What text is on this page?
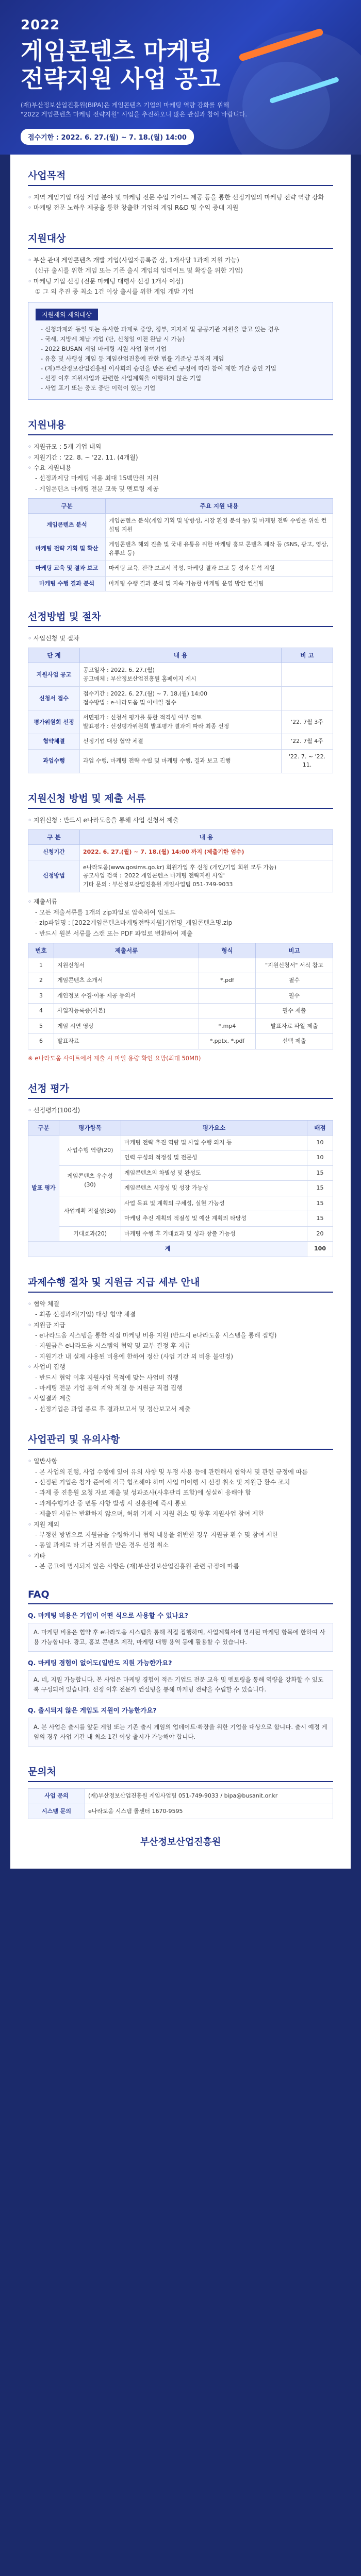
2022
게임콘텐츠 마케팅
전략지원 사업 공고
(재)부산정보산업진흥원(BIPA)은 게임콘텐츠 기업의 마케팅 역량 강화를 위해 "2022 게임콘텐츠 마케팅 전략지원" 사업을 추진하오니 많은 관심과 참여 바랍니다.
접수기한 : 2022. 6. 27.(월) ~ 7. 18.(월) 14:00
사업목적
◦ 지역 게임기업 대상 게임 분야 및 마케팅 전문 수입 가이드 제공 등을 통한 선정기업의 마케팅 전략 역량 강화
◦ 마케팅 전문 노하우 제공을 통한 창출한 기업의 게임 R&D 및 수익 증대 지원
지원대상
◦ 부산 관내 게임콘텐츠 개발 기업(사업자등록증 상, 1개사당 1과제 지원 가능)
(신규 출시를 위한 게임 또는 기존 출시 게임의 업데이트 및 확장을 위한 기업)
◦ 마케팅 기업 선정 (전문 마케팅 대행사 선정 1개사 이상)
① 그 외 추진 중 최소 1건 이상 출시를 위한 게임 개발 기업
지원제외 제외대상
- 신청과제와 동일 또는 유사한 과제로 중앙, 정부, 지자체 및 공공기관 지원을 받고 있는 경우
- 국세, 지방세 체납 기업 (단, 신청일 이전 완납 시 가능)
- 2022 BUSAN 게임 마케팅 지원 사업 참여기업
- 유흥 및 사행성 게임 등 게임산업진흥에 관한 법률 기준상 부적격 게임
- (재)부산정보산업진흥원 이사회의 승인을 받은 관련 규정에 따라 참여 제한 기간 중인 기업
- 선정 이후 지원사업과 관련한 사업계획을 이행하지 않은 기업
- 사업 포기 또는 중도 중단 이력이 있는 기업
지원내용
◦ 지원규모 : 5개 기업 내외
◦ 지원기간 : '22. 8. ~ '22. 11. (4개월)
◦ 수요 지원내용
- 선정과제당 마케팅 비용 최대 15백만원 지원
- 게임콘텐츠 마케팅 전문 교육 및 멘토링 제공
구분	주요 지원 내용
게임콘텐츠 분석	게임콘텐츠 분석(게임 기획 및 방향성, 시장 환경 분석 등) 및 마케팅 전략 수립을 위한 컨설팅 지원
마케팅 전략 기획 및 확산	게임콘텐츠 해외 진출 및 국내 유통을 위한 마케팅 홍보 콘텐츠 제작 등 (SNS, 광고, 영상, 유튜브 등)
마케팅 교육 및 결과 보고	마케팅 교육, 전략 보고서 작성, 마케팅 결과 보고 등 성과 분석 지원
마케팅 수행 결과 분석	마케팅 수행 결과 분석 및 지속 가능한 마케팅 운영 방안 컨설팅
선정방법 및 절차
◦ 사업신청 및 절차
단 계	내 용	비 고
지원사업 공고	공고일자 : 2022. 6. 27.(월)
공고매체 : 부산정보산업진흥원 홈페이지 게시	
신청서 접수	접수기간 : 2022. 6. 27.(월) ~ 7. 18.(월) 14:00
접수방법 : e-나라도움 및 이메일 접수	
평가위원회 선정	서면평가 : 신청서 평가를 통한 적격성 여부 검토
발표평가 : 선정평가위원회 발표평가 결과에 따라 최종 선정	'22. 7월 3주
협약체결	선정기업 대상 협약 체결	'22. 7월 4주
과업수행	과업 수행, 마케팅 전략 수립 및 마케팅 수행, 결과 보고 진행	'22. 7. ~ '22. 11.
지원신청 방법 및 제출 서류
◦ 지원신청 : 반드시 e나라도움을 통해 사업 신청서 제출
구 분	내 용
신청기간	2022. 6. 27.(월) ~ 7. 18.(월) 14:00 까지 (제출기한 엄수)
신청방법	e나라도움(www.gosims.go.kr) 회원가입 후 신청 (개인/기업 회원 모두 가능)
공모사업 검색 : '2022 게임콘텐츠 마케팅 전략지원 사업'
기타 문의 : 부산정보산업진흥원 게임사업팀 051-749-9033
◦ 제출서류
- 모든 제출서류를 1개의 zip파일로 압축하여 업로드
- zip파일명 : [2022게임콘텐츠마케팅전략지원]기업명_게임콘텐츠명.zip
- 반드시 원본 서류를 스캔 또는 PDF 파일로 변환하여 제출
번호	제출서류	형식	비고
1	지원신청서		"지원신청서" 서식 참고
2	게임콘텐츠 소개서	*.pdf	필수
3	개인정보 수집·이용 제공 동의서		필수
4	사업자등록증(사본)		필수 제출
5	게임 시연 영상	*.mp4	발표자료 파일 제출
6	발표자료	*.pptx, *.pdf	선택 제출
※ e나라도움 사이트에서 제출 시 파일 용량 확인 요망(최대 50MB)
선정 평가
◦ 선정평가(100점)
구분	평가항목	평가요소	배점
발표 평가	사업수행 역량(20)	마케팅 전략 추진 역량 및 사업 수행 의지 등	10
		인력 구성의 적정성 및 전문성	10
	게임콘텐츠 우수성(30)	게임콘텐츠의 차별성 및 완성도	15
		게임콘텐츠 시장성 및 성장 가능성	15
	사업계획 적절성(30)	사업 목표 및 계획의 구체성, 실현 가능성	15
		마케팅 추진 계획의 적절성 및 예산 계획의 타당성	15
	기대효과(20)	마케팅 수행 후 기대효과 및 성과 창출 가능성	20
계			100
과제수행 절차 및 지원금 지급 세부 안내
◦ 협약 체결
- 최종 선정과제(기업) 대상 협약 체결
◦ 지원금 지급
- e나라도움 시스템을 통한 직접 마케팅 비용 지원 (반드시 e나라도움 시스템을 통해 집행)
- 지원금은 e나라도움 시스템의 협약 및 교부 결정 후 지급
- 지원기간 내 실제 사용된 비용에 한하여 정산 (사업 기간 외 비용 불인정)
◦ 사업비 집행
- 반드시 협약 이후 지원사업 목적에 맞는 사업비 집행
- 마케팅 전문 기업 용역 계약 체결 등 지원금 직접 집행
◦ 사업결과 제출
- 선정기업은 과업 종료 후 결과보고서 및 정산보고서 제출
사업관리 및 유의사항
◦ 일반사항
- 본 사업의 진행, 사업 수행에 있어 유의 사항 및 부정 사용 등에 관련해서 협약서 및 관련 규정에 따름
- 선정된 기업은 참가 준비에 적극 협조해야 하며 사업 미이행 시 선정 취소 및 지원금 환수 조치
- 과제 중 진흥원 요청 자료 제출 및 성과조사(사후관리 포함)에 성실히 응해야 함
- 과제수행기간 중 변동 사항 발생 시 진흥원에 즉시 통보
- 제출된 서류는 반환하지 않으며, 허위 기재 시 지원 취소 및 향후 지원사업 참여 제한
◦ 지원 제외
- 부정한 방법으로 지원금을 수령하거나 협약 내용을 위반한 경우 지원금 환수 및 참여 제한
- 동일 과제로 타 기관 지원을 받은 경우 선정 취소
◦ 기타
- 본 공고에 명시되지 않은 사항은 (재)부산정보산업진흥원 관련 규정에 따름
FAQ
Q. 마케팅 비용은 기업이 어떤 식으로 사용할 수 있나요?
A. 마케팅 비용은 협약 후 e나라도움 시스템을 통해 직접 집행하며, 사업계획서에 명시된 마케팅 항목에 한하여 사용 가능합니다. 광고, 홍보 콘텐츠 제작, 마케팅 대행 용역 등에 활용할 수 있습니다.
Q. 마케팅 경험이 없어도(일반도 지원 가능한가요?
A. 네, 지원 가능합니다. 본 사업은 마케팅 경험이 적은 기업도 전문 교육 및 멘토링을 통해 역량을 강화할 수 있도록 구성되어 있습니다. 선정 이후 전문가 컨설팅을 통해 마케팅 전략을 수립할 수 있습니다.
Q. 출시되지 않은 게임도 지원이 가능한가요?
A. 본 사업은 출시를 앞둔 게임 또는 기존 출시 게임의 업데이트·확장을 위한 기업을 대상으로 합니다. 출시 예정 게임의 경우 사업 기간 내 최소 1건 이상 출시가 가능해야 합니다.
문의처
사업 문의	(재)부산정보산업진흥원 게임사업팀 051-749-9033 / bipa@busanit.or.kr
시스템 문의	e나라도움 시스템 콜센터 1670-9595
부산정보산업진흥원
